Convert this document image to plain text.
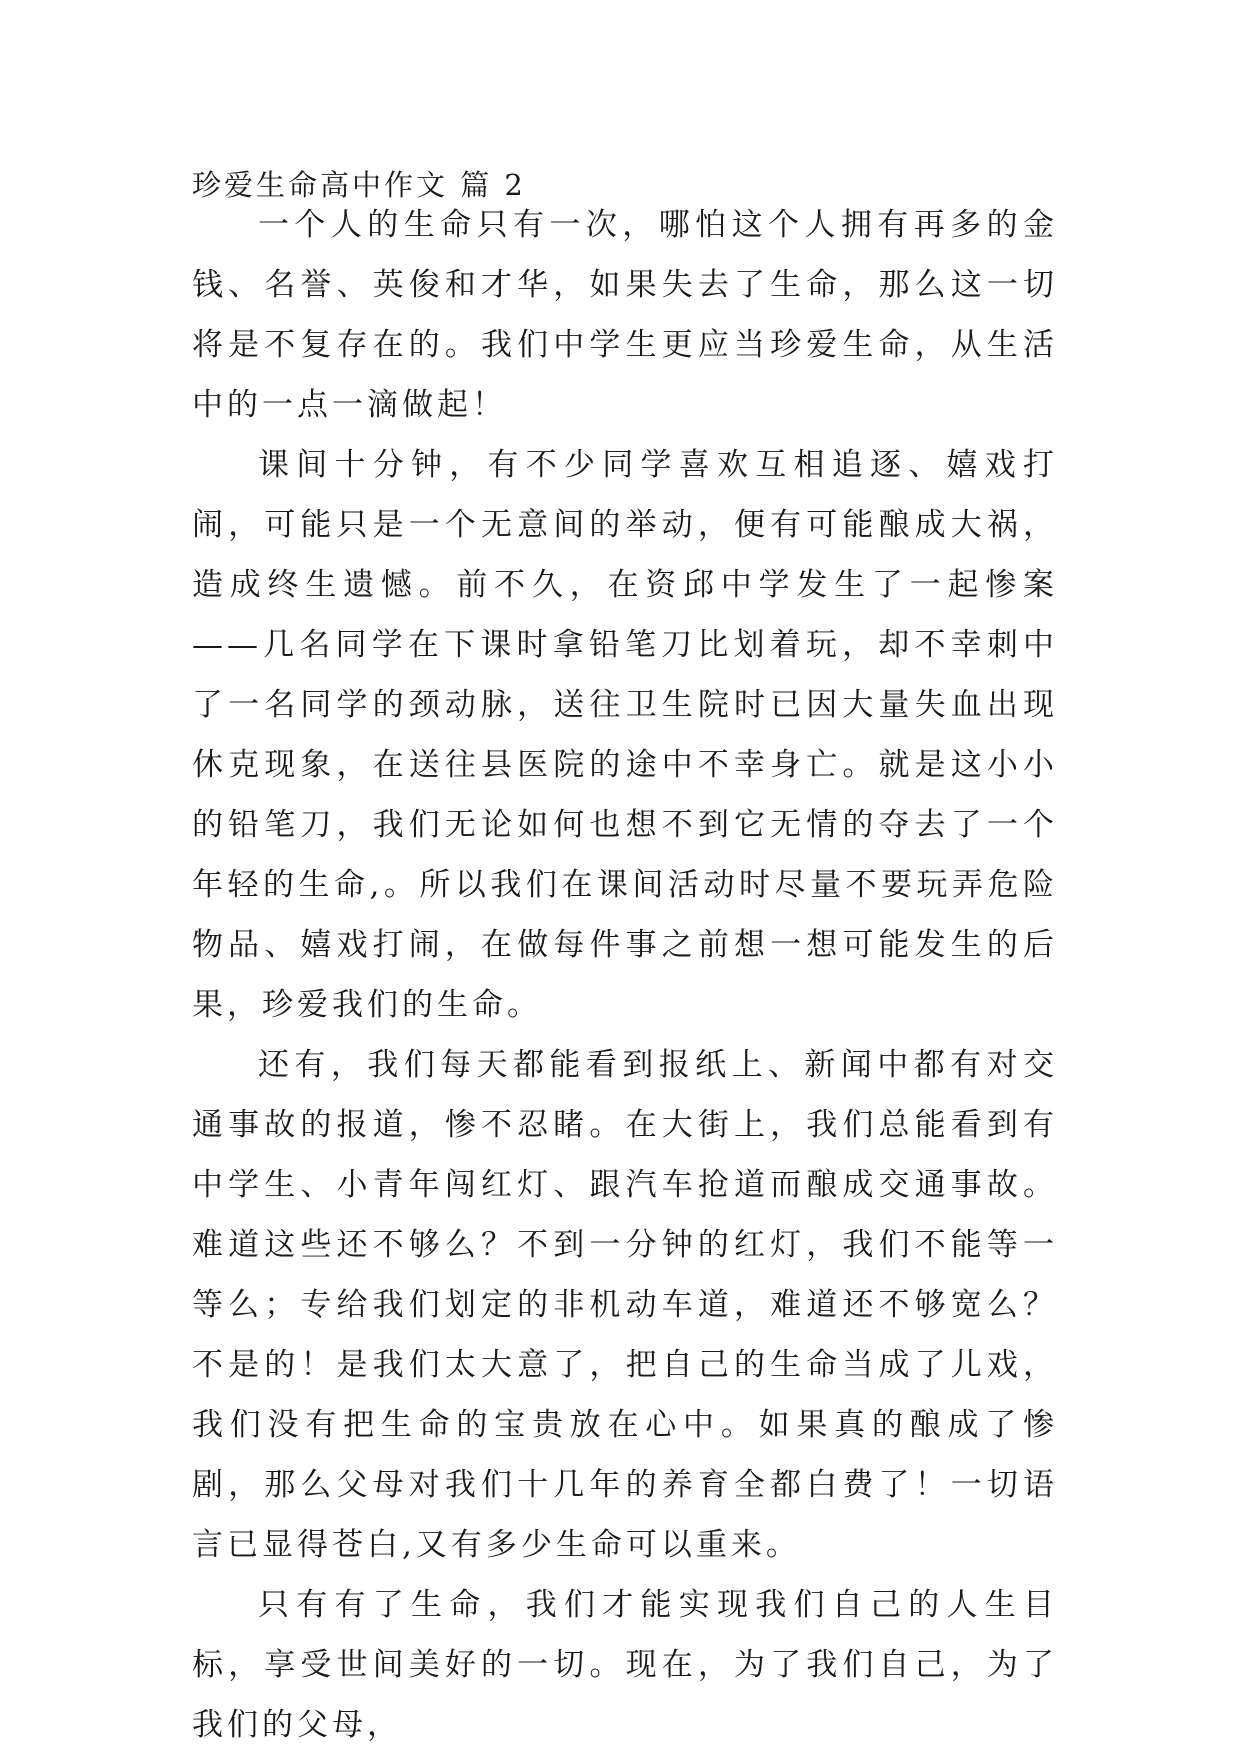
珍爱生命高中作文 篇 2

一个人的生命只有一次，哪怕这个人拥有再多的金钱、名誉、英俊和才华，如果失去了生命，那么这一切将是不复存在的。我们中学生更应当珍爱生命，从生活中的一点一滴做起！

课间十分钟，有不少同学喜欢互相追逐、嬉戏打闹，可能只是一个无意间的举动，便有可能酿成大祸，造成终生遗憾。前不久，在资邱中学发生了一起惨案——几名同学在下课时拿铅笔刀比划着玩，却不幸刺中了一名同学的颈动脉，送往卫生院时已因大量失血出现休克现象，在送往县医院的途中不幸身亡。就是这小小的铅笔刀，我们无论如何也想不到它无情的夺去了一个年轻的生命,。所以我们在课间活动时尽量不要玩弄危险物品、嬉戏打闹，在做每件事之前想一想可能发生的后果，珍爱我们的生命。

还有，我们每天都能看到报纸上、新闻中都有对交通事故的报道，惨不忍睹。在大街上，我们总能看到有中学生、小青年闯红灯、跟汽车抢道而酿成交通事故。难道这些还不够么？不到一分钟的红灯，我们不能等一等么；专给我们划定的非机动车道，难道还不够宽么？不是的！是我们太大意了，把自己的生命当成了儿戏，我们没有把生命的宝贵放在心中。如果真的酿成了惨剧，那么父母对我们十几年的养育全都白费了！一切语言已显得苍白,又有多少生命可以重来。

只有有了生命，我们才能实现我们自己的人生目标，享受世间美好的一切。现在，为了我们自己，为了我们的父母，
